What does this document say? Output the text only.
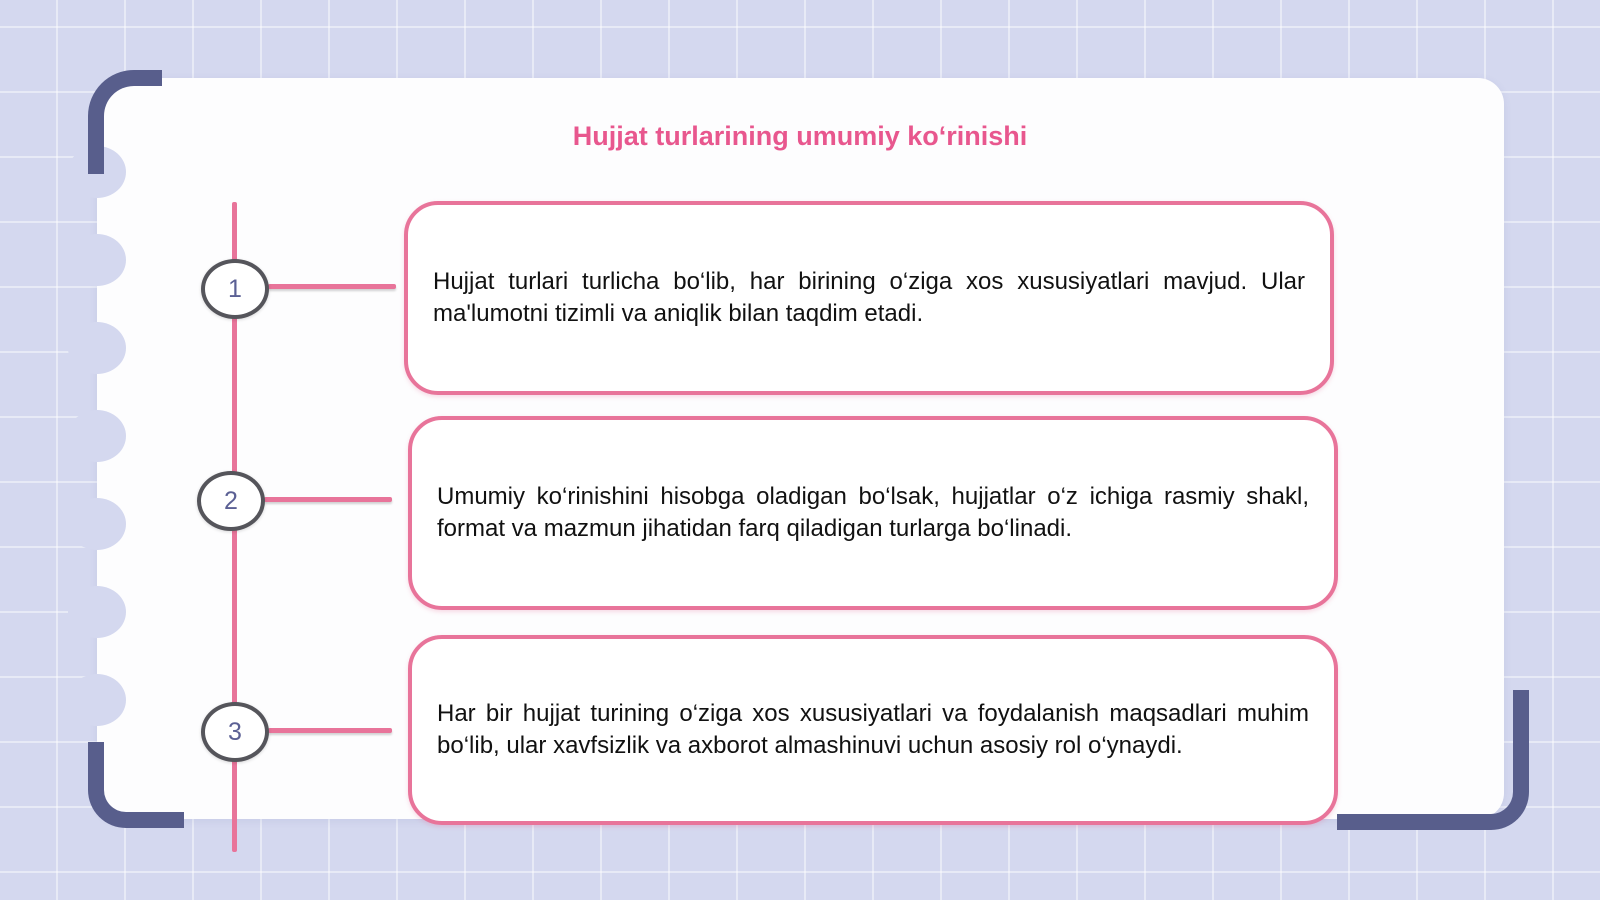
Hujjat turlarining umumiy ko‘rinishi
1
2
3

Hujjat turlari turlicha bo‘lib, har birining o‘ziga xos xususiyatlari mavjud. Ular ma'lumotni tizimli va aniqlik bilan taqdim etadi.

Umumiy ko‘rinishini hisobga oladigan bo‘lsak, hujjatlar o‘z ichiga rasmiy shakl, format va mazmun jihatidan farq qiladigan turlarga bo‘linadi.

Har bir hujjat turining o‘ziga xos xususiyatlari va foydalanish maqsadlari muhim bo‘lib, ular xavfsizlik va axborot almashinuvi uchun asosiy rol o‘ynaydi.
